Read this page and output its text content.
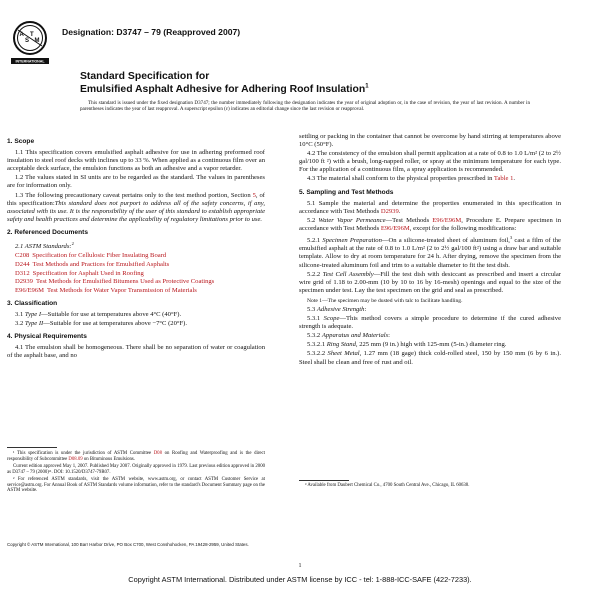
A
S
T
M
INTERNATIONAL
Designation: D3747 – 79 (Reapproved 2007)
Standard Specification for
Emulsified Asphalt Adhesive for Adhering Roof Insulation$^1$

This standard is issued under the fixed designation D3747; the number immediately following the designation indicates the year of original adoption or, in the case of revision, the year of last revision. A number in parentheses indicates the year of last reapproval. A superscript epsilon (ε) indicates an editorial change since the last revision or reapproval.

1. Scope

1.1 This specification covers emulsified asphalt adhesive for use in adhering preformed roof insulation to steel roof decks with inclines up to 33 %. When applied as a continuous film over an acceptable deck surface, the emulsion functions as both an adhesive and a vapor retarder.

1.2 The values stated in SI units are to be regarded as the standard. The values in parentheses are for information only.

1.3 The following precautionary caveat pertains only to the test method portion, Section 5, of this specification:This standard does not purport to address all of the safety concerns, if any, associated with its use. It is the responsibility of the user of this standard to establish appropriate safety and health practices and determine the applicability of regulatory limitations prior to use.

2. Referenced Documents

2.1 ASTM Standards:$^2$

C208 Specification for Cellulosic Fiber Insulating Board
D244 Test Methods and Practices for Emulsified Asphalts
D312 Specification for Asphalt Used in Roofing
D2939 Test Methods for Emulsified Bitumens Used as Protective Coatings
E96/E96M Test Methods for Water Vapor Transmission of Materials
3. Classification

3.1 Type I—Suitable for use at temperatures above 4°C (40°F).

3.2 Type II—Suitable for use at temperatures above −7°C (20°F).

4. Physical Requirements

4.1 The emulsion shall be homogeneous. There shall be no separation of water or coagulation of the asphalt base, and no

settling or packing in the container that cannot be overcome by hand stirring at temperatures above 10°C (50°F).

4.2 The consistency of the emulsion shall permit application at a rate of 0.8 to 1.0 L/m² (2 to 2½ gal/100 ft ²) with a brush, long-napped roller, or spray at the minimum temperature for each type. For the application of a continuous film, a spray application is recommended.

4.3 The material shall conform to the physical properties prescribed in Table 1.

5. Sampling and Test Methods

5.1 Sample the material and determine the properties enumerated in this specification in accordance with Test Methods D2939.

5.2 Water Vapor Permeance—Test Methods E96/E96M, Procedure E. Prepare specimen in accordance with Test Methods E96/E96M, except for the following modifications:

5.2.1 Specimen Preparation—On a silicone-treated sheet of aluminum foil,$^3$ cast a film of the emulsified asphalt at the rate of 0.8 to 1.0 L/m² (2 to 2½ gal/100 ft²) using a draw bar and suitable template. Allow to dry at room temperature for 24 h. After drying, remove the specimen from the silicone-treated aluminum foil and trim to a suitable diameter to fit the test dish.

5.2.2 Test Cell Assembly—Fill the test dish with desiccant as prescribed and insert a circular wire grid of 1.18 to 2.00-mm (10 by 10 to 16 by 16-mesh) openings and equal to the size of the specimen under test. Lay the test specimen on the grid and seal as prescribed.

Note 1—The specimen may be dusted with talc to facilitate handling.

5.3 Adhesive Strength:

5.3.1 Scope—This method covers a simple procedure to determine if the cured adhesive strength is adequate.

5.3.2 Apparatus and Materials:

5.3.2.1 Ring Stand, 225 mm (9 in.) high with 125-mm (5-in.) diameter ring.

5.3.2.2 Sheet Metal, 1.27 mm (18 gage) thick cold-rolled steel, 150 by 150 mm (6 by 6 in.). Steel shall be clean and free of rust and oil.

¹ This specification is under the jurisdiction of ASTM Committee D08 on Roofing and Waterproofing and is the direct responsibility of Subcommittee D08.09 on Bituminous Emulsions.

Current edition approved May 1, 2007. Published May 2007. Originally approved in 1979. Last previous edition approved in 2000 as D3747 – 79 (2000)ᵉ¹. DOI: 10.1520/D3747-79R07.

² For referenced ASTM standards, visit the ASTM website, www.astm.org, or contact ASTM Customer Service at service@astm.org. For Annual Book of ASTM Standards volume information, refer to the standard's Document Summary page on the ASTM website.

³ Available from Daubert Chemical Co., 4700 South Central Ave., Chicago, IL 60638.

Copyright © ASTM International, 100 Barr Harbor Drive, PO Box C700, West Conshohocken, PA 19428-2959, United States.
1
Copyright ASTM International. Distributed under ASTM license by ICC - tel: 1-888-ICC-SAFE (422-7233).
